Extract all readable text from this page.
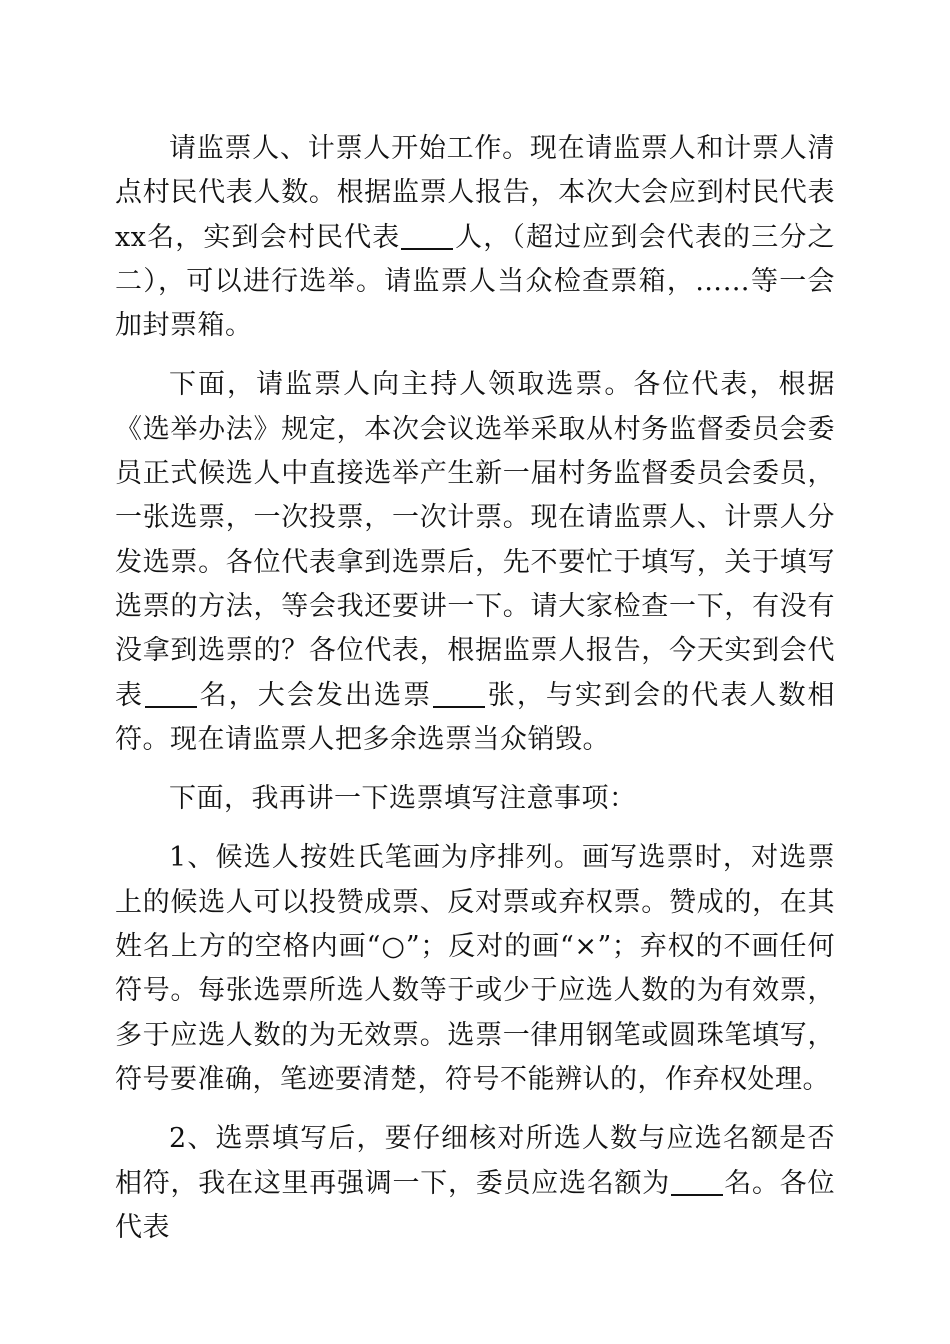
请监票人、计票人开始工作。现在请监票人和计票人清点村民代表人数。根据监票人报告，本次大会应到村民代表xx名，实到会村民代表 人，（超过应到会代表的三分之二），可以进行选举。请监票人当众检查票箱，……等一会加封票箱。

下面，请监票人向主持人领取选票。各位代表，根据《选举办法》规定，本次会议选举采取从村务监督委员会委员正式候选人中直接选举产生新一届村务监督委员会委员，一张选票，一次投票，一次计票。现在请监票人、计票人分发选票。各位代表拿到选票后，先不要忙于填写，关于填写选票的方法，等会我还要讲一下。请大家检查一下，有没有没拿到选票的？各位代表，根据监票人报告，今天实到会代表 名，大会发出选票 张，与实到会的代表人数相符。现在请监票人把多余选票当众销毁。

下面，我再讲一下选票填写注意事项：

1、候选人按姓氏笔画为序排列。画写选票时，对选票上的候选人可以投赞成票、反对票或弃权票。赞成的，在其姓名上方的空格内画“○”；反对的画“×”；弃权的不画任何符号。每张选票所选人数等于或少于应选人数的为有效票，多于应选人数的为无效票。选票一律用钢笔或圆珠笔填写，符号要准确，笔迹要清楚，符号不能辨认的，作弃权处理。

2、选票填写后，要仔细核对所选人数与应选名额是否相符，我在这里再强调一下，委员应选名额为 名。各位代表
